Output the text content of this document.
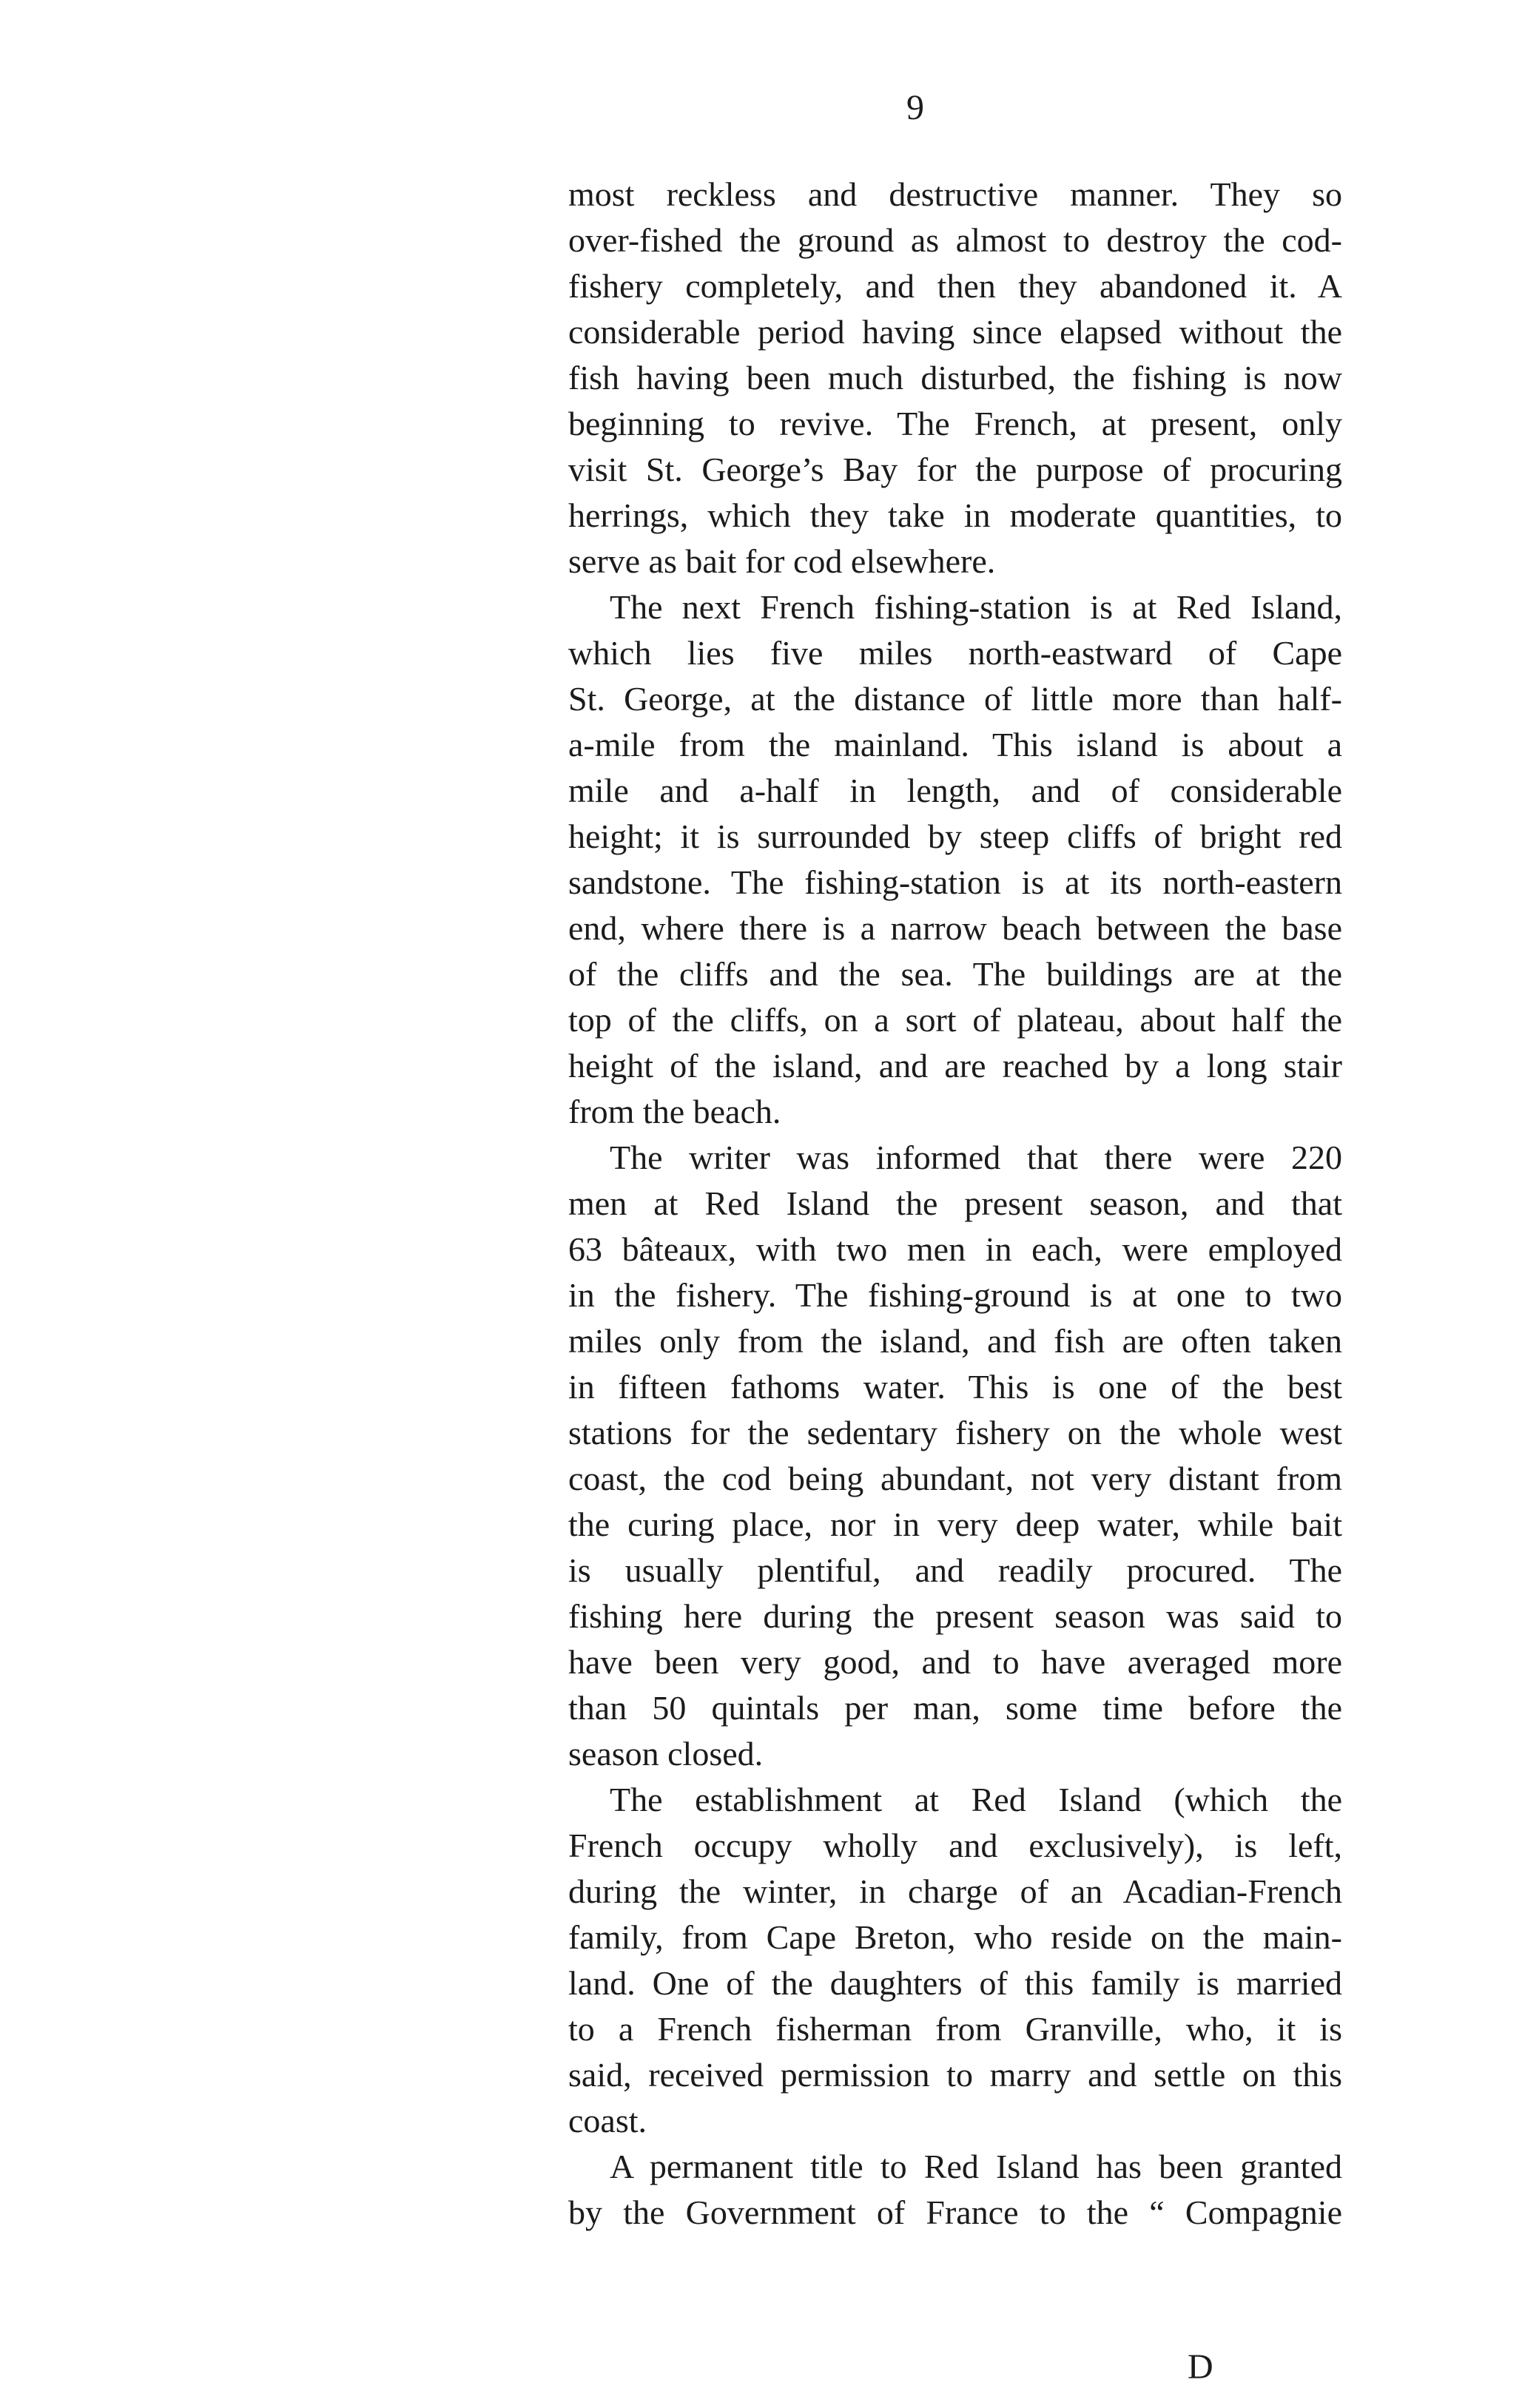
9
most reckless and destructive manner. They so
over-fished the ground as almost to destroy the cod-
fishery completely, and then they abandoned it. A
considerable period having since elapsed without the
fish having been much disturbed, the fishing is now
beginning to revive. The French, at present, only
visit St. George’s Bay for the purpose of procuring
herrings, which they take in moderate quantities, to
serve as bait for cod elsewhere.
The next French fishing-station is at Red Island,
which lies five miles north-eastward of Cape
St. George, at the distance of little more than half-
a-mile from the mainland. This island is about a
mile and a-half in length, and of considerable
height; it is surrounded by steep cliffs of bright red
sandstone. The fishing-station is at its north-eastern
end, where there is a narrow beach between the base
of the cliffs and the sea. The buildings are at the
top of the cliffs, on a sort of plateau, about half the
height of the island, and are reached by a long stair
from the beach.
The writer was informed that there were 220
men at Red Island the present season, and that
63 bâteaux, with two men in each, were employed
in the fishery. The fishing-ground is at one to two
miles only from the island, and fish are often taken
in fifteen fathoms water. This is one of the best
stations for the sedentary fishery on the whole west
coast, the cod being abundant, not very distant from
the curing place, nor in very deep water, while bait
is usually plentiful, and readily procured. The
fishing here during the present season was said to
have been very good, and to have averaged more
than 50 quintals per man, some time before the
season closed.
The establishment at Red Island (which the
French occupy wholly and exclusively), is left,
during the winter, in charge of an Acadian-French
family, from Cape Breton, who reside on the main-
land. One of the daughters of this family is married
to a French fisherman from Granville, who, it is
said, received permission to marry and settle on this
coast.
A permanent title to Red Island has been granted
by the Government of France to the “ Compagnie
D
